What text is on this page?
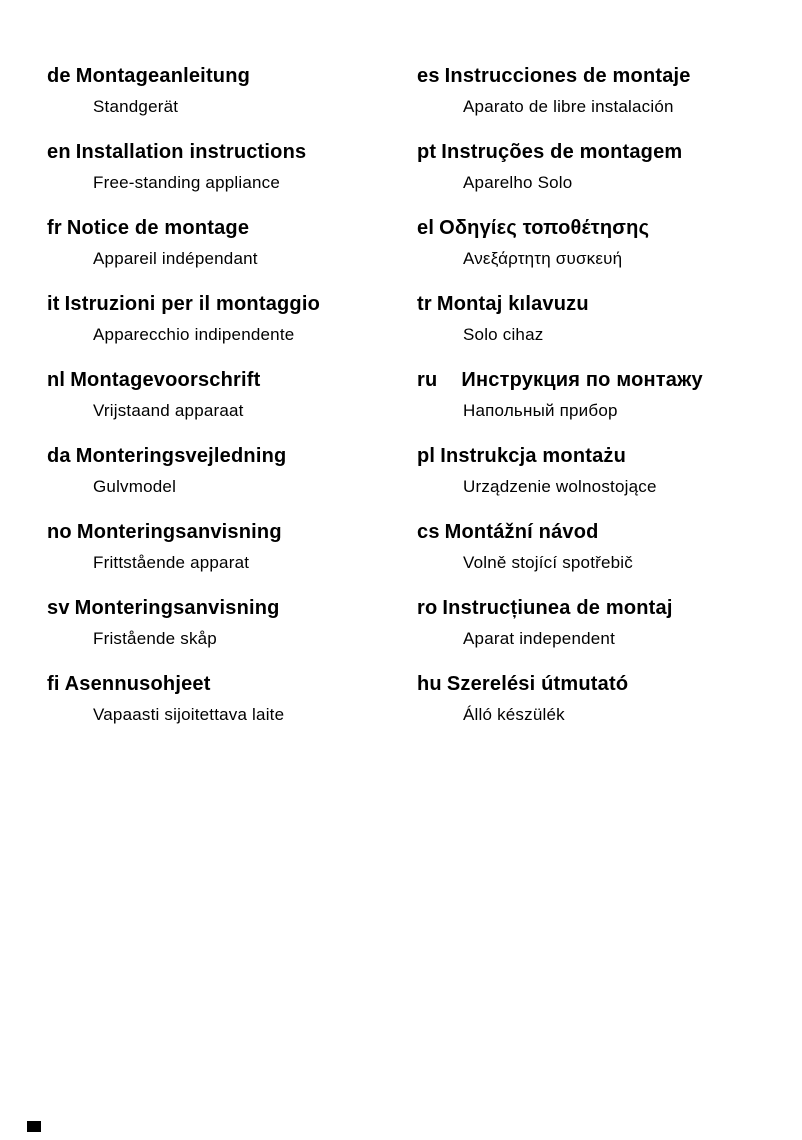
de Montageanleitung
Standgerät
en Installation instructions
Free-standing appliance
fr Notice de montage
Appareil indépendant
it Istruzioni per il montaggio
Apparecchio indipendente
nl Montagevoorschrift
Vrijstaand apparaat
da Monteringsvejledning
Gulvmodel
no Monteringsanvisning
Frittstående apparat
sv Monteringsanvisning
Fristående skåp
fi Asennusohjeet
Vapaasti sijoitettava laite
es Instrucciones de montaje
Aparato de libre instalación
pt Instruções de montagem
Aparelho Solo
el Οδηγίες τοποθέτησης
Ανεξάρτητη συσκευή
tr Montaj kılavuzu
Solo cihaz
ru Инструкция по монтажу
Напольный прибор
pl Instrukcja montażu
Urządzenie wolnostojące
cs Montážní návod
Volně stojící spotřebič
ro Instrucțiunea de montaj
Aparat independent
hu Szerelési útmutató
Álló készülék
